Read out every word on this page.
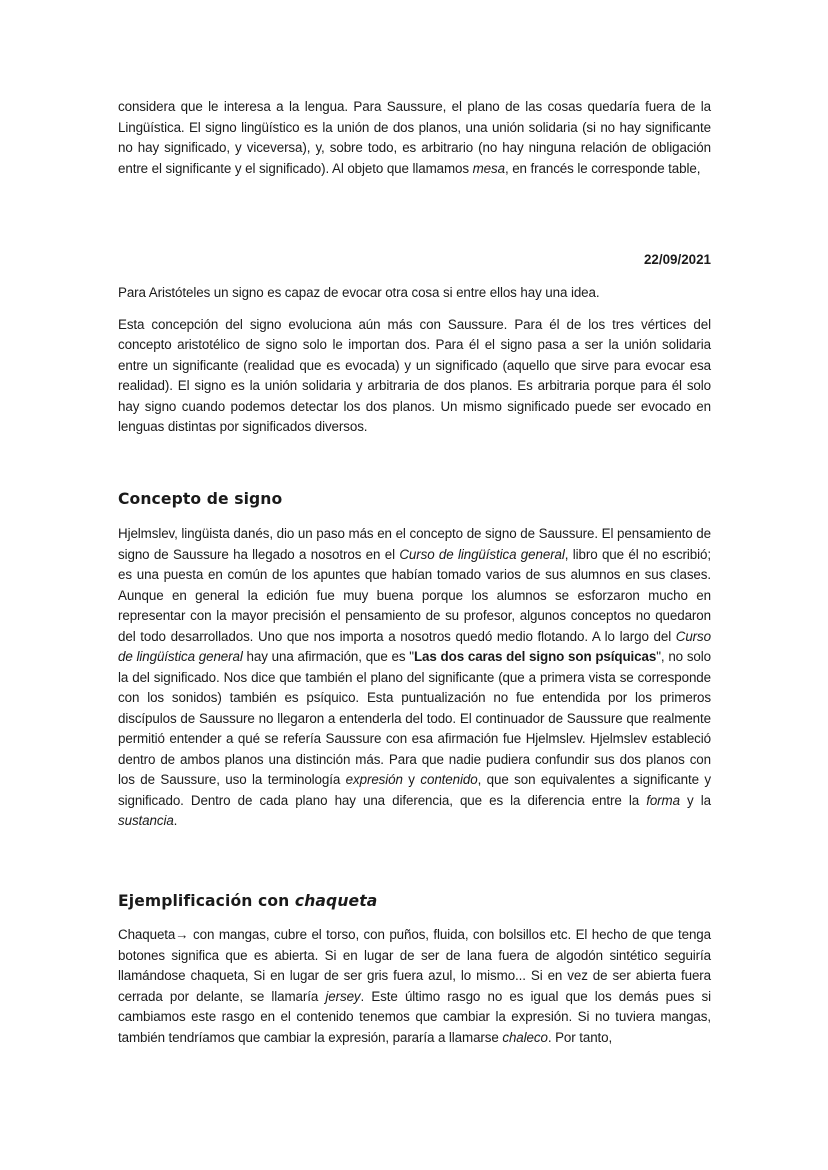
considera que le interesa a la lengua. Para Saussure, el plano de las cosas quedaría fuera de la Lingüística. El signo lingüístico es la unión de dos planos, una unión solidaria (si no hay significante no hay significado, y viceversa), y, sobre todo, es arbitrario (no hay ninguna relación de obligación entre el significante y el significado). Al objeto que llamamos mesa, en francés le corresponde table,

22/09/2021

Para Aristóteles un signo es capaz de evocar otra cosa si entre ellos hay una idea.

Esta concepción del signo evoluciona aún más con Saussure. Para él de los tres vértices del concepto aristotélico de signo solo le importan dos. Para él el signo pasa a ser la unión solidaria entre un significante (realidad que es evocada) y un significado (aquello que sirve para evocar esa realidad). El signo es la unión solidaria y arbitraria de dos planos. Es arbitraria porque para él solo hay signo cuando podemos detectar los dos planos. Un mismo significado puede ser evocado en lenguas distintas por significados diversos.

Concepto de signo

Hjelmslev, lingüista danés, dio un paso más en el concepto de signo de Saussure. El pensamiento de signo de Saussure ha llegado a nosotros en el Curso de lingüística general, libro que él no escribió; es una puesta en común de los apuntes que habían tomado varios de sus alumnos en sus clases. Aunque en general la edición fue muy buena porque los alumnos se esforzaron mucho en representar con la mayor precisión el pensamiento de su profesor, algunos conceptos no quedaron del todo desarrollados. Uno que nos importa a nosotros quedó medio flotando. A lo largo del Curso de lingüística general hay una afirmación, que es "Las dos caras del signo son psíquicas", no solo la del significado. Nos dice que también el plano del significante (que a primera vista se corresponde con los sonidos) también es psíquico. Esta puntualización no fue entendida por los primeros discípulos de Saussure no llegaron a entenderla del todo. El continuador de Saussure que realmente permitió entender a qué se refería Saussure con esa afirmación fue Hjelmslev. Hjelmslev estableció dentro de ambos planos una distinción más. Para que nadie pudiera confundir sus dos planos con los de Saussure, uso la terminología expresión y contenido, que son equivalentes a significante y significado. Dentro de cada plano hay una diferencia, que es la diferencia entre la forma y la sustancia.

Ejemplificación con chaqueta

Chaqueta→ con mangas, cubre el torso, con puños, fluida, con bolsillos etc. El hecho de que tenga botones significa que es abierta. Si en lugar de ser de lana fuera de algodón sintético seguiría llamándose chaqueta, Si en lugar de ser gris fuera azul, lo mismo... Si en vez de ser abierta fuera cerrada por delante, se llamaría jersey. Este último rasgo no es igual que los demás pues si cambiamos este rasgo en el contenido tenemos que cambiar la expresión. Si no tuviera mangas, también tendríamos que cambiar la expresión, pararía a llamarse chaleco. Por tanto,
